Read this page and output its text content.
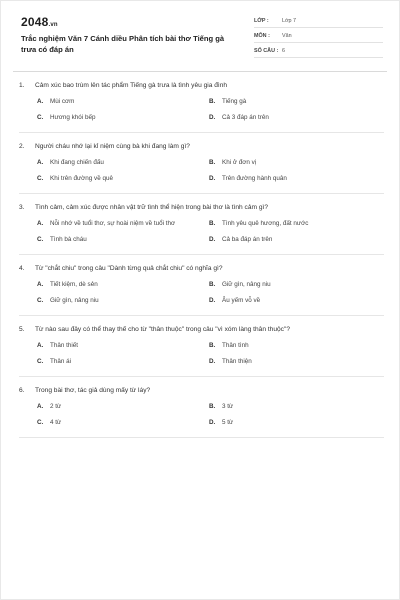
2048.vn
Trắc nghiệm Văn 7 Cánh diều Phân tích bài thơ Tiếng gà trưa có đáp án
LỚP :	Lớp 7
MÔN :	Văn
SỐ CÂU : 6
1.	Cảm xúc bao trùm lên tác phẩm Tiếng gà trưa là tình yêu gia đình
A.	Mùi cơm	B.	Tiếng gà
C.	Hương khói bếp	D.	Cả 3 đáp án trên
2.	Người cháu nhớ lại kỉ niệm cùng bà khi đang làm gì?
A.	Khi đang chiến đấu	B.	Khi ở đơn vị
C.	Khi trên đường về quê	D.	Trên đường hành quân
3.	Tình cảm, cảm xúc được nhân vật trữ tình thể hiện trong bài thơ là tình cảm gì?
A.	Nỗi nhớ về tuổi thơ, sự hoài niệm về tuổi thơ	B.	Tình yêu quê hương, đất nước
C.	Tình bà cháu	D.	Cả ba đáp án trên
4.	Từ "chắt chiu" trong câu "Dành từng quả chắt chiu" có nghĩa gì?
A.	Tiết kiệm, dè sẻn	B.	Giữ gìn, nâng niu
C.	Giữ gìn, nâng niu	D.	Âu yếm vỗ về
5.	Từ nào sau đây có thể thay thế cho từ "thân thuộc" trong câu "vì xóm làng thân thuộc"?
A.	Thân thiết	B.	Thân tình
C.	Thân ái	D.	Thân thiện
6.	Trong bài thơ, tác giả dùng mấy từ láy?
A.	2 từ	B.	3 từ
C.	4 từ	D.	5 từ
